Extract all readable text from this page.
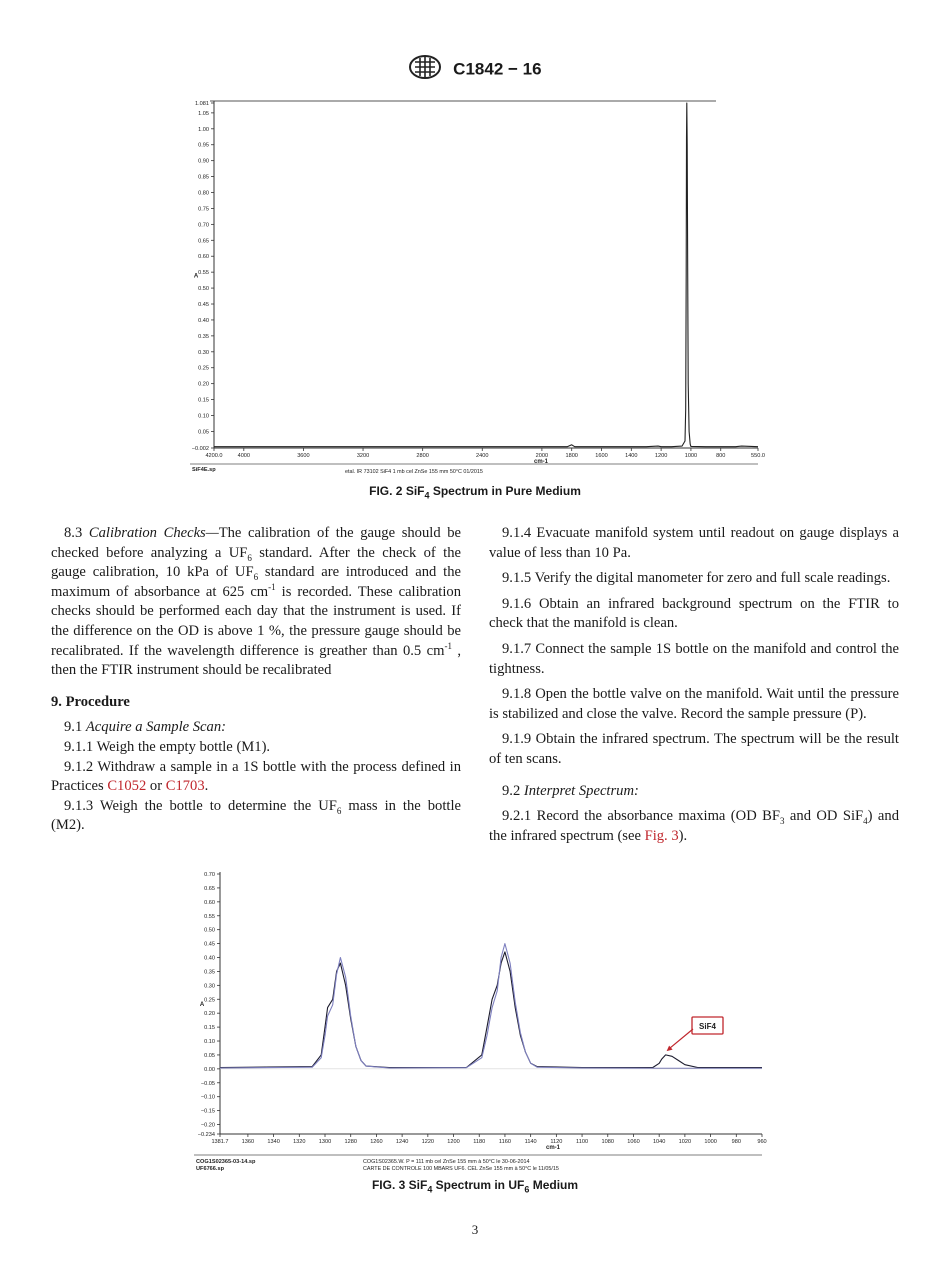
C1842 − 16
1.081
1.05
1.00
0.95
0.90
0.85
0.80
0.75
0.70
0.65
0.60
0.55
0.50
0.45
0.40
0.35
0.30
0.25
0.20
0.15
0.10
0.05
−0.002
4200.0	4000	3600	3200	2800	2400	2000	1800	1600	1400	1200	1000	800	550.0
A
cm-1
SiF4E.sp	etal. IR 73102 SiF4 1 mb cel ZnSe 155 mm 50°C 01/2015
FIG. 2 SiF$_4$ Spectrum in Pure Medium

8.3 Calibration Checks—The calibration of the gauge should be checked before analyzing a $UF_6$ standard. After the check of the gauge calibration, 10 kPa of $UF_6$ standard are introduced and the maximum of absorbance at 625 $cm^{-1}$ is recorded. These calibration checks should be performed each day that the instrument is used. If the difference on the OD is above 1 %, the pressure gauge should be recalibrated. If the wavelength difference is greather than 0.5 $cm^{-1}$ , then the FTIR instrument should be recalibrated

9. Procedure

9.1 Acquire a Sample Scan:

9.1.1 Weigh the empty bottle (M1).

9.1.2 Withdraw a sample in a 1S bottle with the process defined in Practices C1052 or C1703.

9.1.3 Weigh the bottle to determine the $UF_6$ mass in the bottle (M2).

9.1.4 Evacuate manifold system until readout on gauge displays a value of less than 10 Pa.

9.1.5 Verify the digital manometer for zero and full scale readings.

9.1.6 Obtain an infrared background spectrum on the FTIR to check that the manifold is clean.

9.1.7 Connect the sample 1S bottle on the manifold and control the tightness.

9.1.8 Open the bottle valve on the manifold. Wait until the pressure is stabilized and close the valve. Record the sample pressure (P).

9.1.9 Obtain the infrared spectrum. The spectrum will be the result of ten scans.

9.2 Interpret Spectrum:

9.2.1 Record the absorbance maxima (OD $BF_3$ and OD SiF$_4$) and the infrared spectrum (see Fig. 3).

0.70
0.65
0.60
0.55
0.50
0.45
0.40
0.35
0.30
0.25
0.20
0.15
0.10
0.05
0.00
−0.05
−0.10
−0.15
−0.20
−0.234
1381.7 1360 1340 1320 1300 1280 1260 1240 1220 1200 1180 1160 1140 1120 1100 1080 1060 1040 1020 1000	980	960
A
cm-1
SiF4
COG1S02365-03-14.sp
UF6766.sp
COG1S02365.W. P = 111 mb cel ZnSe 155 mm à 50°C le 30-06-2014
CARTE DE CONTROLE 100 MBARS UF6. CEL ZnSe 155 mm à 50°C le 11/05/15
FIG. 3 SiF$_4$ Spectrum in $UF_6$ Medium
3
